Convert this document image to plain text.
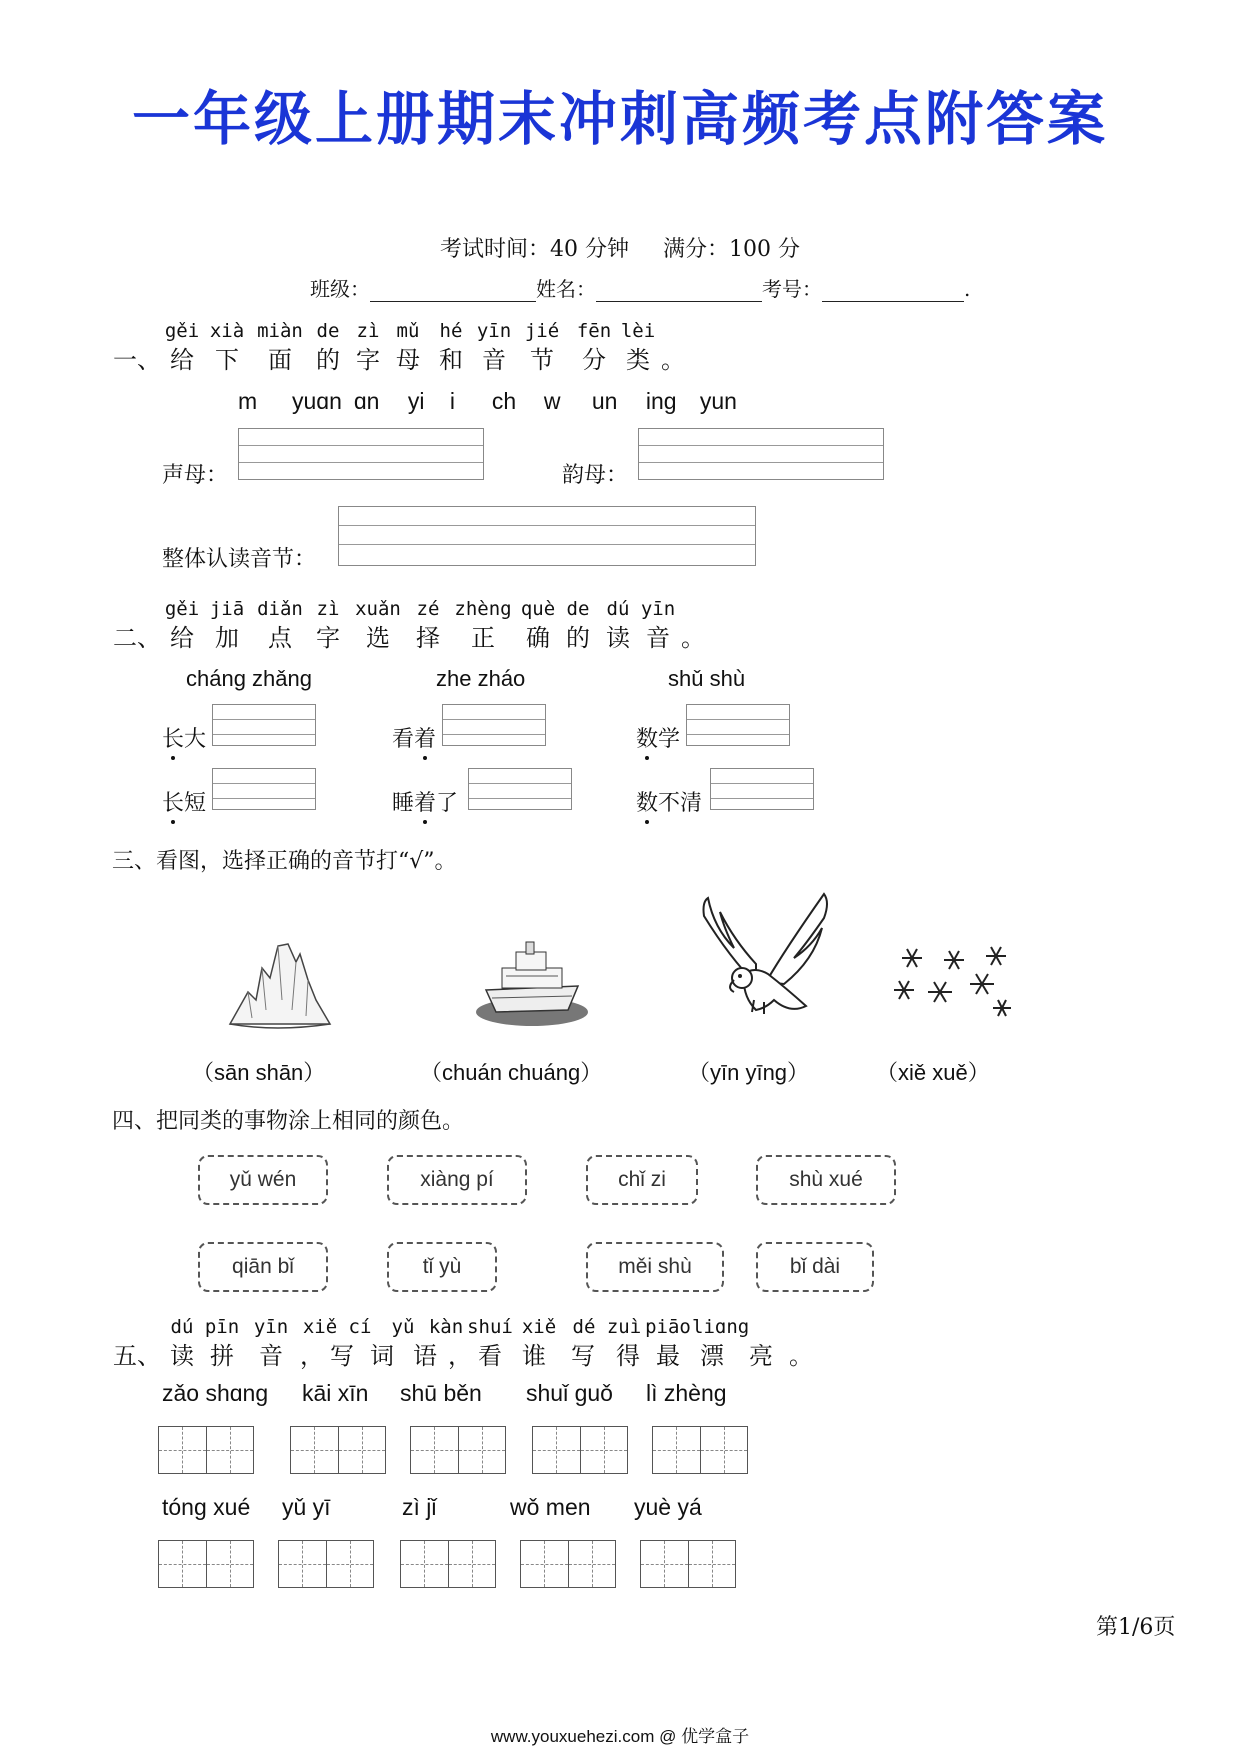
一年级上册期末冲刺高频考点附答案
考试时间：40 分钟 满分：100 分
班级：	姓名：	考号：	.
gěi xià miàn de zì mǔ hé yīn jié fēn lèi
一、 给 下 面 的 字 母 和 音 节 分 类 。
m yuɑn ɑn yi i ch w un ing yun
声母：	韵母：
整体认读音节：
gěi jiā diǎn zì xuǎn zé zhèng què de dú yīn
二、 给 加 点 字 选 择 正 确 的 读 音 。
cháng zhǎng	zhe zháo	shǔ shù
长大	看着	数学
长短	睡着了	数不清
三、看图，选择正确的音节打“√”。
（sān shān）	（chuán chuáng）	（yīn yīng）	（xiě xuě）
四、把同类的事物涂上相同的颜色。
yǔ wén	xiàng pí	chǐ zi	shù xué
qiān bǐ	tǐ yù	měi shù	bǐ dài
dú pīn yīn xiě cí yǔ kàn shuí xiě dé zuì piāoliɑng
五、 读 拼 音 ， 写 词 语 ， 看 谁 写 得 最 漂 亮 。
zǎo shɑng kāi xīn shū běn shuǐ guǒ lì zhèng
tóng xué yǔ yī	zì jǐ	wǒ men yuè yá
第1/6页
www.youxuehezi.com @ 优学盒子
